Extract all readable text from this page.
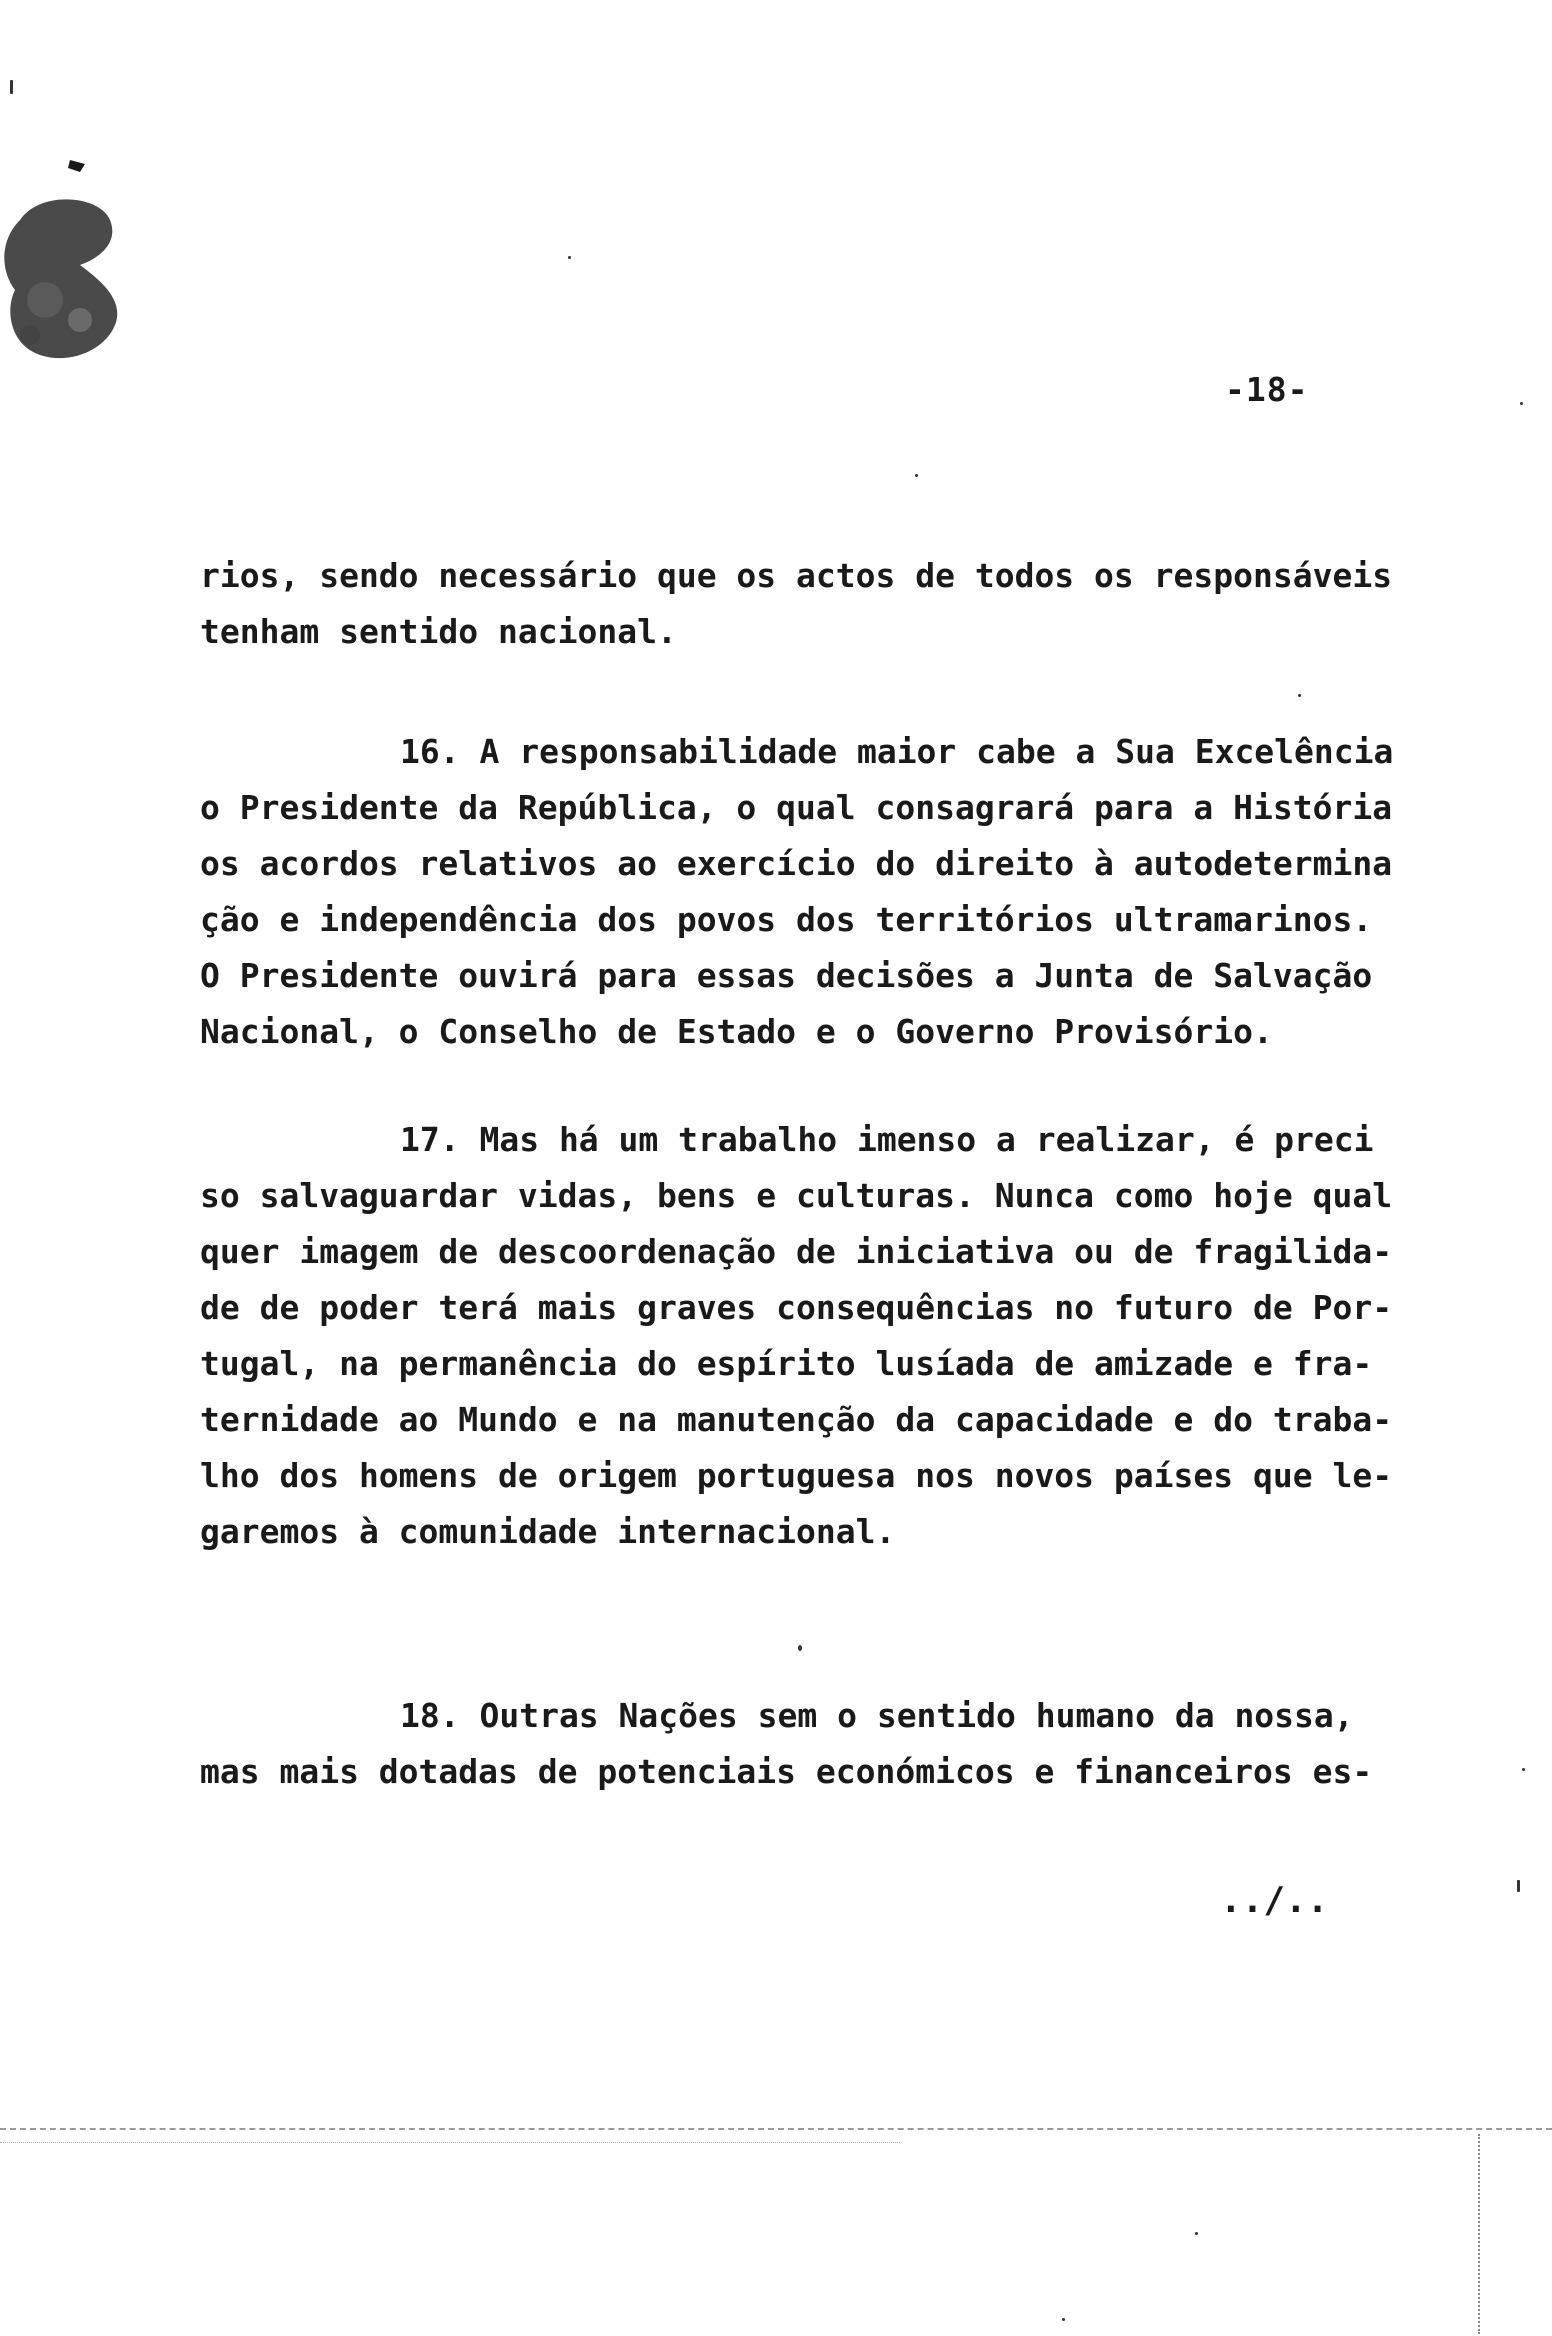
-18-
rios, sendo necessário que os actos de todos os responsáveis
tenham sentido nacional.
16. A responsabilidade maior cabe a Sua Excelência
o Presidente da República, o qual consagrará para a História
os acordos relativos ao exercício do direito à autodetermina
ção e independência dos povos dos territórios ultramarinos.
O Presidente ouvirá para essas decisões a Junta de Salvação
Nacional, o Conselho de Estado e o Governo Provisório.
17. Mas há um trabalho imenso a realizar, é preci
so salvaguardar vidas, bens e culturas. Nunca como hoje qual
quer imagem de descoordenação de iniciativa ou de fragilida-
de de poder terá mais graves consequências no futuro de Por-
tugal, na permanência do espírito lusíada de amizade e fra-
ternidade ao Mundo e na manutenção da capacidade e do traba-
lho dos homens de origem portuguesa nos novos países que le-
garemos à comunidade internacional.
18. Outras Nações sem o sentido humano da nossa,
mas mais dotadas de potenciais económicos e financeiros es-
../..
